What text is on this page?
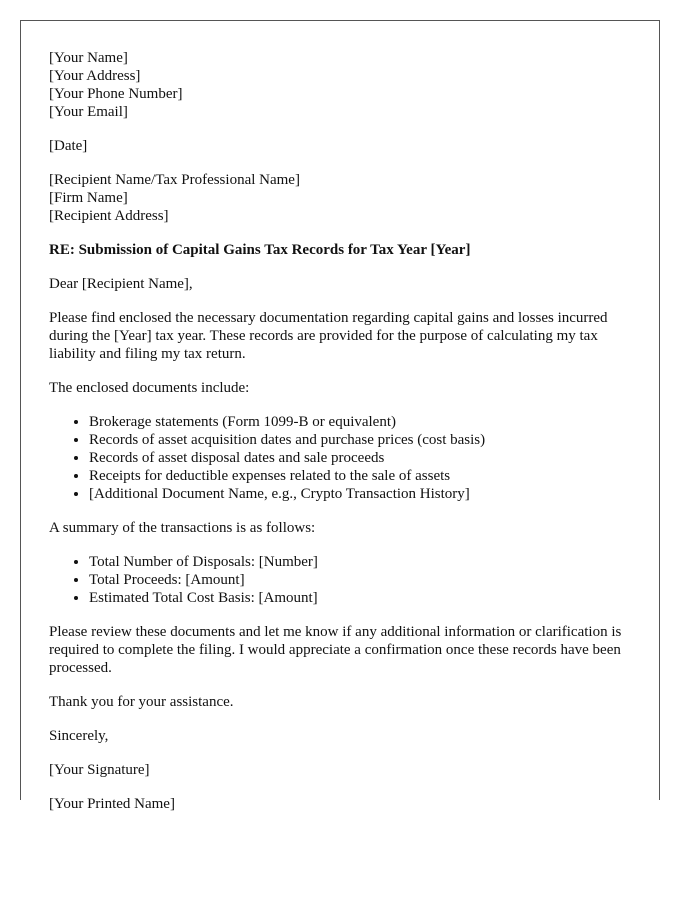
[Your Name]
[Your Address]
[Your Phone Number]
[Your Email]

[Date]

[Recipient Name/Tax Professional Name]
[Firm Name]
[Recipient Address]

RE: Submission of Capital Gains Tax Records for Tax Year [Year]

Dear [Recipient Name],

Please find enclosed the necessary documentation regarding capital gains and losses incurred during the [Year] tax year. These records are provided for the purpose of calculating my tax liability and filing my tax return.

The enclosed documents include:

• Brokerage statements (Form 1099-B or equivalent)
• Records of asset acquisition dates and purchase prices (cost basis)
• Records of asset disposal dates and sale proceeds
• Receipts for deductible expenses related to the sale of assets
• [Additional Document Name, e.g., Crypto Transaction History]

A summary of the transactions is as follows:

• Total Number of Disposals: [Number]
• Total Proceeds: [Amount]
• Estimated Total Cost Basis: [Amount]

Please review these documents and let me know if any additional information or clarification is required to complete the filing. I would appreciate a confirmation once these records have been processed.

Thank you for your assistance.

Sincerely,

[Your Signature]

[Your Printed Name]
